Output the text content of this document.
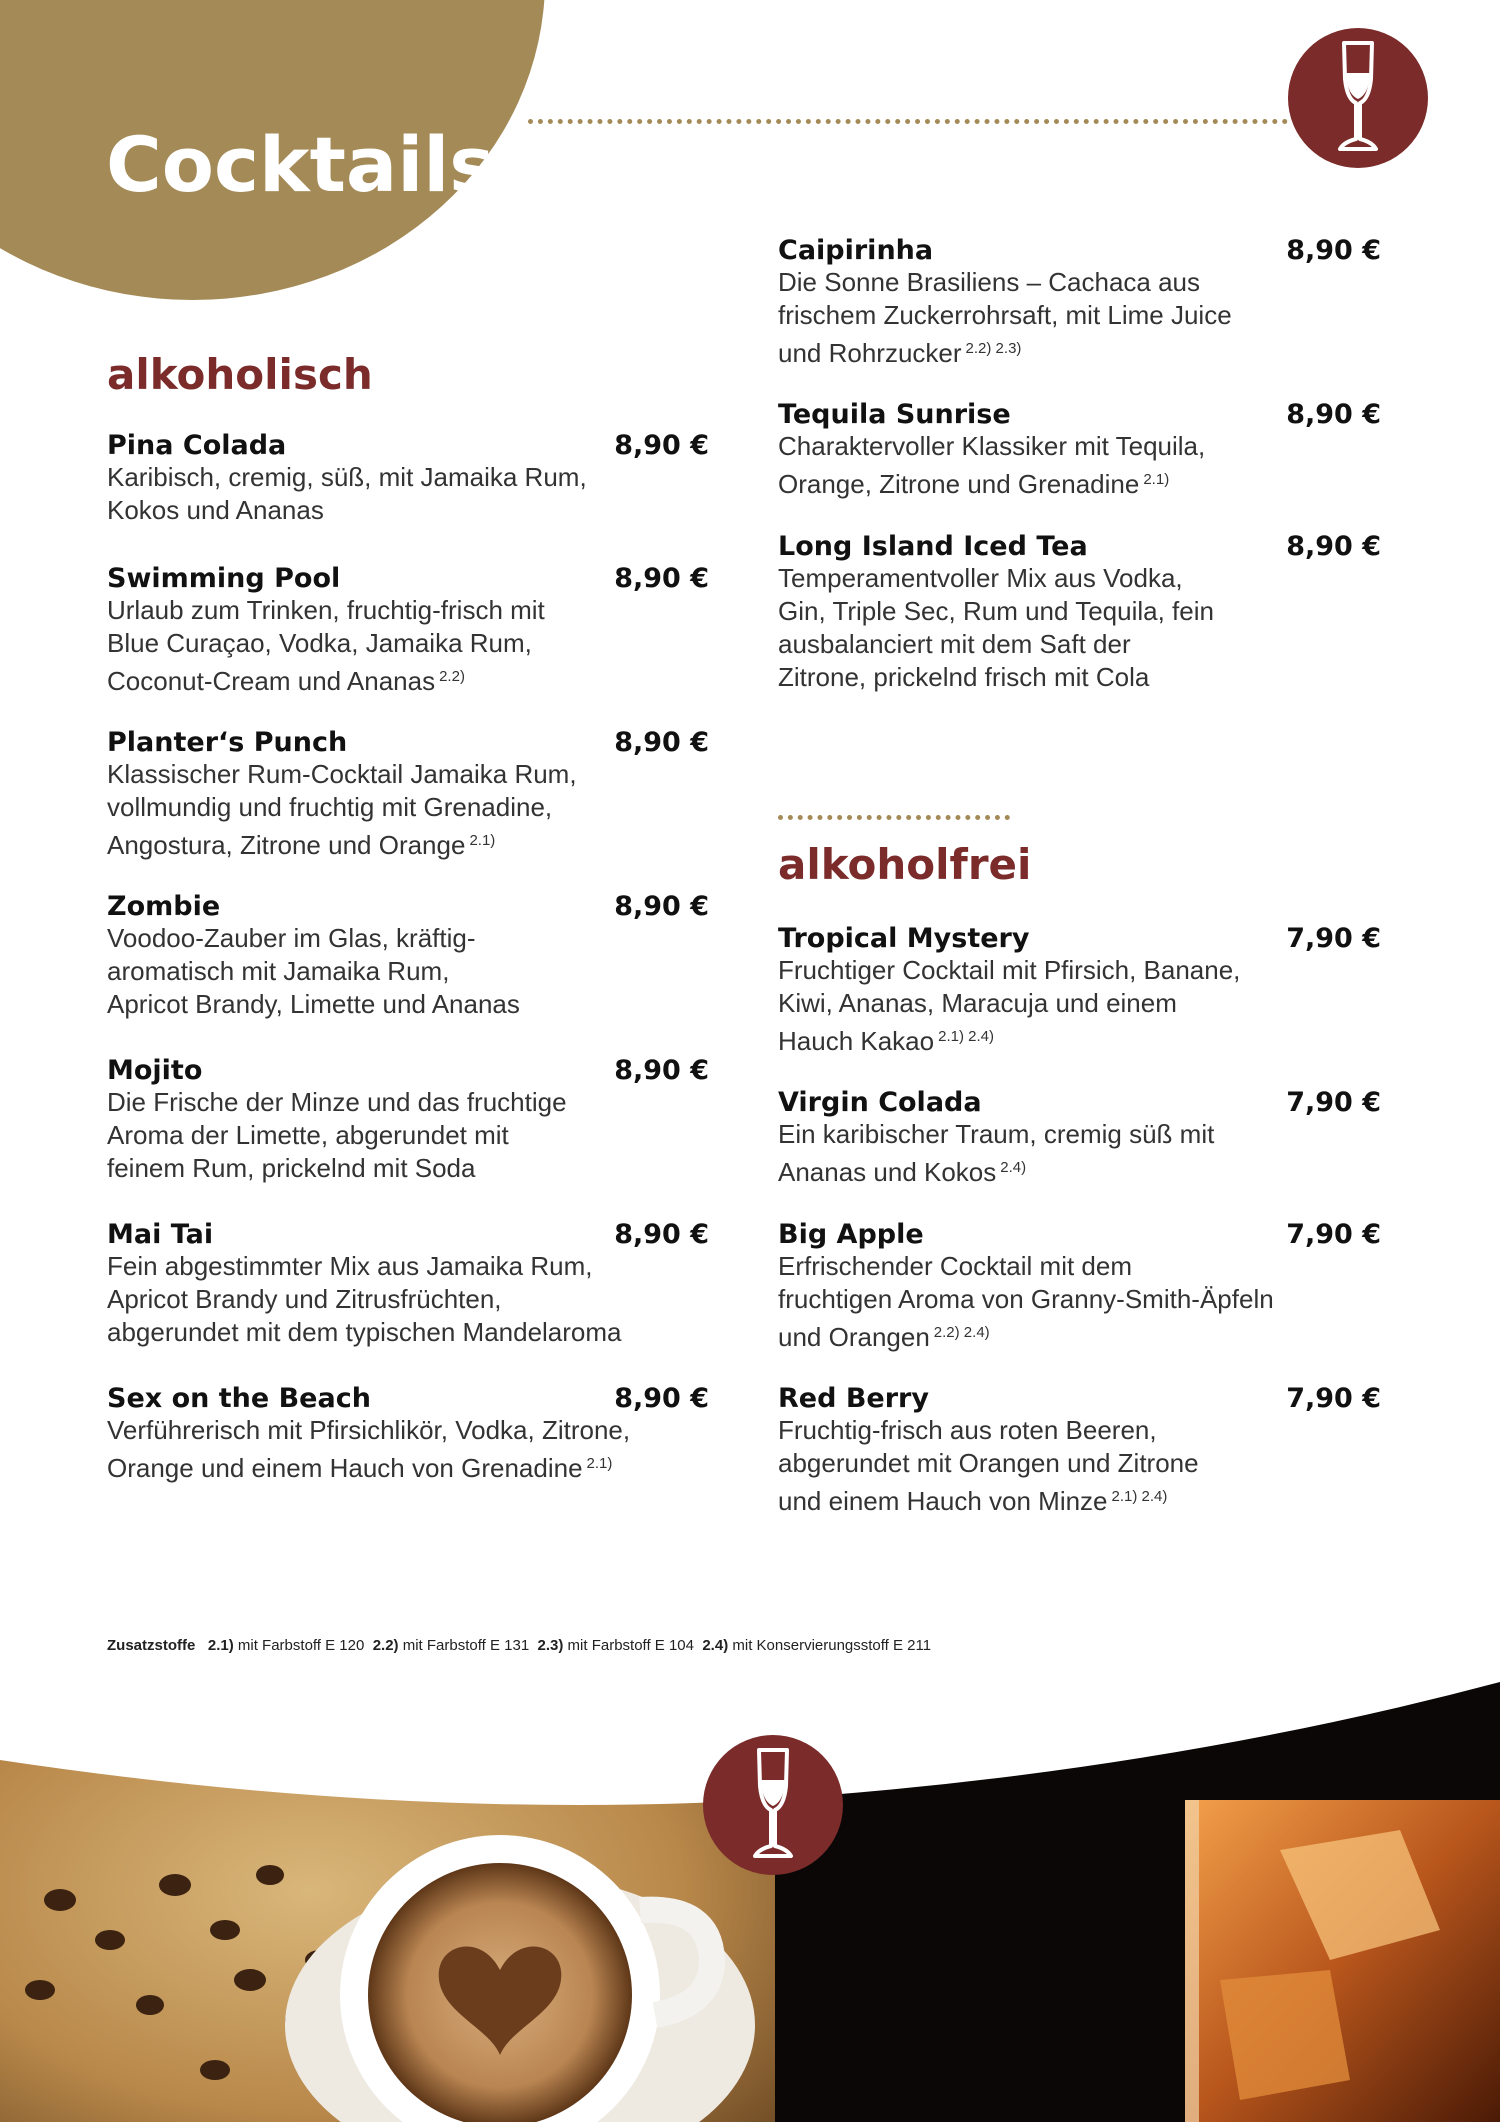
Cocktails
alkoholisch
Pina Colada	8,90 €
Karibisch, cremig, süß, mit Jamaika Rum,
Kokos und Ananas
Swimming Pool	8,90 €
Urlaub zum Trinken, fruchtig-frisch mit
Blue Curaçao, Vodka, Jamaika Rum,
Coconut-Cream und Ananas $^{2.2)}$
Planter‘s Punch	8,90 €
Klassischer Rum-Cocktail Jamaika Rum,
vollmundig und fruchtig mit Grenadine,
Angostura, Zitrone und Orange $^{2.1)}$
Zombie	8,90 €
Voodoo-Zauber im Glas, kräftig-
aromatisch mit Jamaika Rum,
Apricot Brandy, Limette und Ananas
Mojito	8,90 €
Die Frische der Minze und das fruchtige
Aroma der Limette, abgerundet mit
feinem Rum, prickelnd mit Soda
Mai Tai	8,90 €
Fein abgestimmter Mix aus Jamaika Rum,
Apricot Brandy und Zitrusfrüchten,
abgerundet mit dem typischen Mandelaroma
Sex on the Beach	8,90 €
Verführerisch mit Pfirsichlikör, Vodka, Zitrone,
Orange und einem Hauch von Grenadine $^{2.1)}$
Caipirinha	8,90 €
Die Sonne Brasiliens – Cachaca aus
frischem Zuckerrohrsaft, mit Lime Juice
und Rohrzucker $^{2.2) 2.3)}$
Tequila Sunrise	8,90 €
Charaktervoller Klassiker mit Tequila,
Orange, Zitrone und Grenadine $^{2.1)}$
Long Island Iced Tea	8,90 €
Temperamentvoller Mix aus Vodka,
Gin, Triple Sec, Rum und Tequila, fein
ausbalanciert mit dem Saft der
Zitrone, prickelnd frisch mit Cola
alkoholfrei
Tropical Mystery	7,90 €
Fruchtiger Cocktail mit Pfirsich, Banane,
Kiwi, Ananas, Maracuja und einem
Hauch Kakao $^{2.1) 2.4)}$
Virgin Colada	7,90 €
Ein karibischer Traum, cremig süß mit
Ananas und Kokos $^{2.4)}$
Big Apple	7,90 €
Erfrischender Cocktail mit dem
fruchtigen Aroma von Granny-Smith-Äpfeln
und Orangen $^{2.2) 2.4)}$
Red Berry	7,90 €
Fruchtig-frisch aus roten Beeren,
abgerundet mit Orangen und Zitrone
und einem Hauch von Minze $^{2.1) 2.4)}$
Zusatzstoffe 2.1) mit Farbstoff E 120 2.2) mit Farbstoff E 131 2.3) mit Farbstoff E 104 2.4) mit Konservierungsstoff E 211
